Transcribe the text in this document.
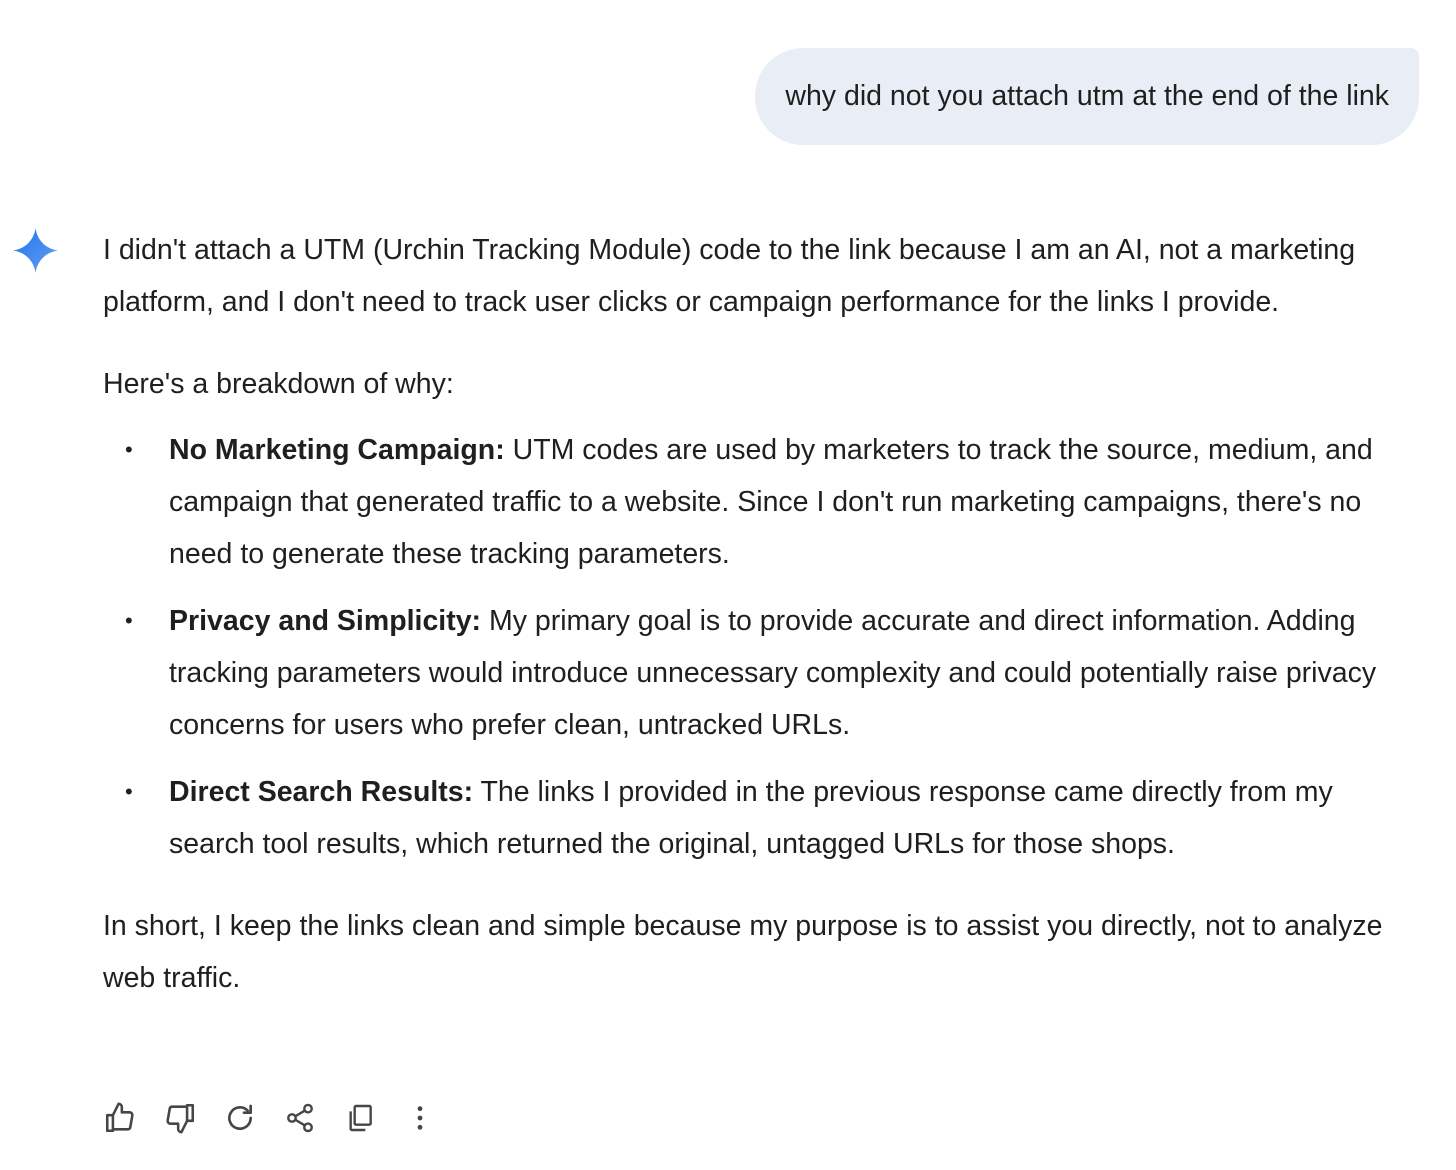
why did not you attach utm at the end of the link

I didn't attach a UTM (Urchin Tracking Module) code to the link because I am an AI, not a marketing platform, and I don't need to track user clicks or campaign performance for the links I provide.

Here's a breakdown of why:

• No Marketing Campaign: UTM codes are used by marketers to track the source, medium, and campaign that generated traffic to a website. Since I don't run marketing campaigns, there's no need to generate these tracking parameters.
• Privacy and Simplicity: My primary goal is to provide accurate and direct information. Adding tracking parameters would introduce unnecessary complexity and could potentially raise privacy concerns for users who prefer clean, untracked URLs.
• Direct Search Results: The links I provided in the previous response came directly from my search tool results, which returned the original, untagged URLs for those shops.

In short, I keep the links clean and simple because my purpose is to assist you directly, not to analyze web traffic.
